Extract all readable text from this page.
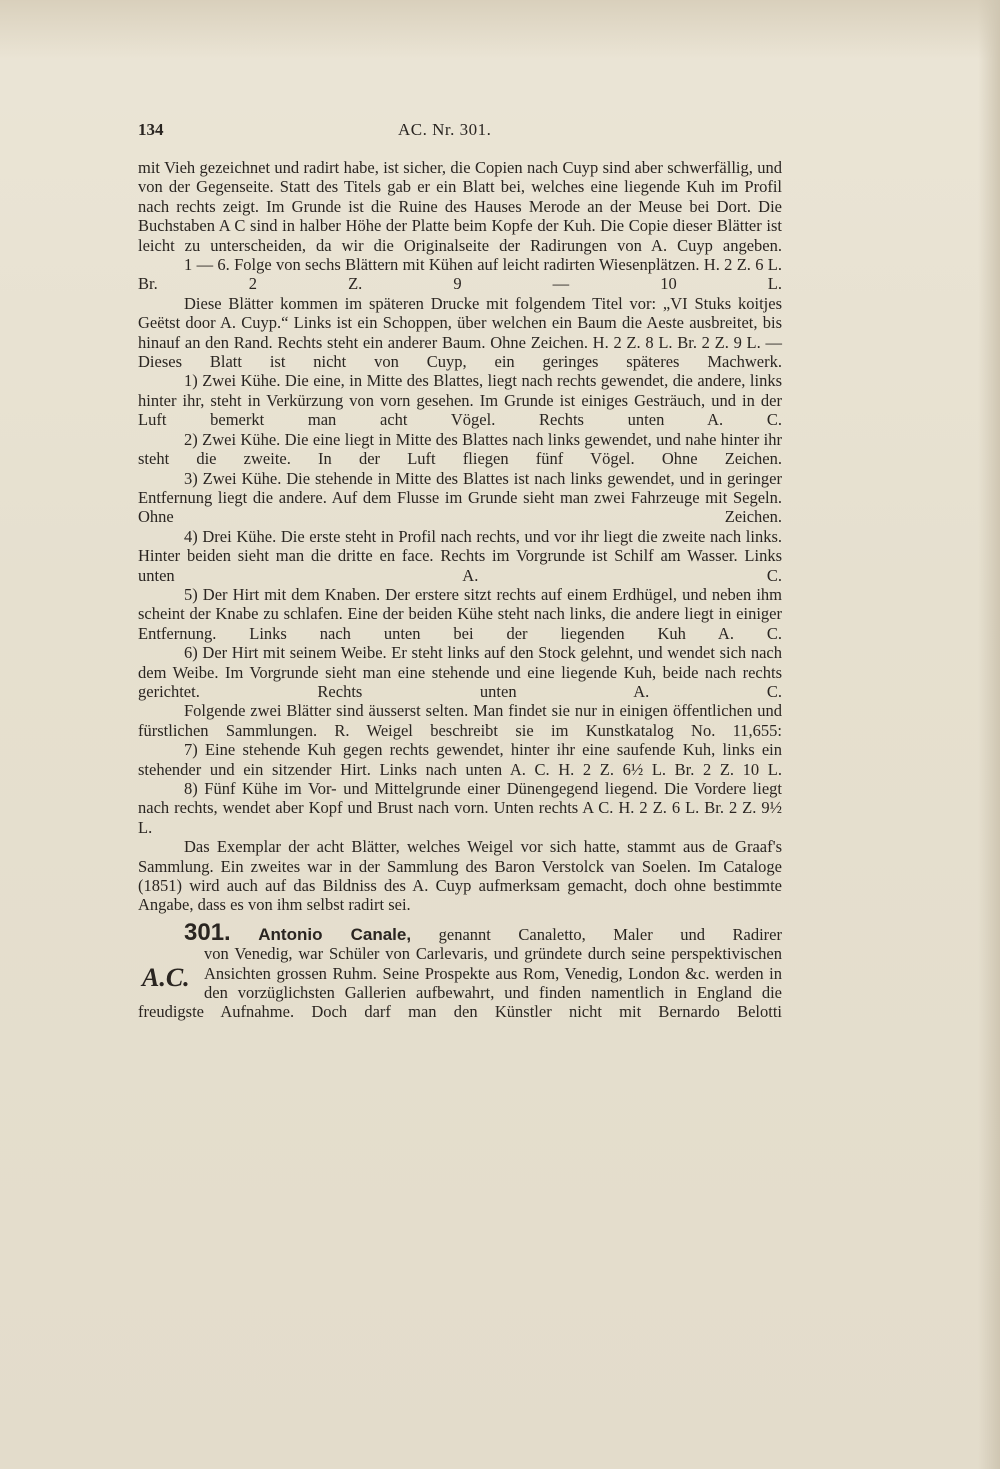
134	AC. Nr. 301.

mit Vieh gezeichnet und radirt habe, ist sicher, die Copien nach Cuyp sind aber schwerfällig, und von der Gegenseite. Statt des Titels gab er ein Blatt bei, welches eine liegende Kuh im Profil nach rechts zeigt. Im Grunde ist die Ruine des Hauses Merode an der Meuse bei Dort. Die Buchstaben A C sind in halber Höhe der Platte beim Kopfe der Kuh. Die Copie dieser Blätter ist leicht zu unterscheiden, da wir die Originalseite der Radirungen von A. Cuyp angeben.

1 — 6. Folge von sechs Blättern mit Kühen auf leicht radirten Wiesenplätzen. H. 2 Z. 6 L. Br. 2 Z. 9 — 10 L.

Diese Blätter kommen im späteren Drucke mit folgendem Titel vor: „VI Stuks koitjes Geëtst door A. Cuyp.“ Links ist ein Schoppen, über welchen ein Baum die Aeste ausbreitet, bis hinauf an den Rand. Rechts steht ein anderer Baum. Ohne Zeichen. H. 2 Z. 8 L. Br. 2 Z. 9 L. — Dieses Blatt ist nicht von Cuyp, ein geringes späteres Machwerk.

1) Zwei Kühe. Die eine, in Mitte des Blattes, liegt nach rechts gewendet, die andere, links hinter ihr, steht in Verkürzung von vorn gesehen. Im Grunde ist einiges Gesträuch, und in der Luft bemerkt man acht Vögel. Rechts unten A. C.

2) Zwei Kühe. Die eine liegt in Mitte des Blattes nach links gewendet, und nahe hinter ihr steht die zweite. In der Luft fliegen fünf Vögel. Ohne Zeichen.

3) Zwei Kühe. Die stehende in Mitte des Blattes ist nach links gewendet, und in geringer Entfernung liegt die andere. Auf dem Flusse im Grunde sieht man zwei Fahrzeuge mit Segeln. Ohne Zeichen.

4) Drei Kühe. Die erste steht in Profil nach rechts, und vor ihr liegt die zweite nach links. Hinter beiden sieht man die dritte en face. Rechts im Vorgrunde ist Schilf am Wasser. Links unten A. C.

5) Der Hirt mit dem Knaben. Der erstere sitzt rechts auf einem Erdhügel, und neben ihm scheint der Knabe zu schlafen. Eine der beiden Kühe steht nach links, die andere liegt in einiger Entfernung. Links nach unten bei der liegenden Kuh A. C.

6) Der Hirt mit seinem Weibe. Er steht links auf den Stock gelehnt, und wendet sich nach dem Weibe. Im Vorgrunde sieht man eine stehende und eine liegende Kuh, beide nach rechts gerichtet. Rechts unten A. C.

Folgende zwei Blätter sind äusserst selten. Man findet sie nur in einigen öffentlichen und fürstlichen Sammlungen. R. Weigel beschreibt sie im Kunstkatalog No. 11,655:

7) Eine stehende Kuh gegen rechts gewendet, hinter ihr eine saufende Kuh, links ein stehender und ein sitzender Hirt. Links nach unten A. C. H. 2 Z. 6½ L. Br. 2 Z. 10 L.

8) Fünf Kühe im Vor- und Mittelgrunde einer Dünengegend liegend. Die Vordere liegt nach rechts, wendet aber Kopf und Brust nach vorn. Unten rechts A C. H. 2 Z. 6 L. Br. 2 Z. 9½ L.

Das Exemplar der acht Blätter, welches Weigel vor sich hatte, stammt aus de Graaf's Sammlung. Ein zweites war in der Sammlung des Baron Verstolck van Soelen. Im Cataloge (1851) wird auch auf das Bildniss des A. Cuyp aufmerksam gemacht, doch ohne bestimmte Angabe, dass es von ihm selbst radirt sei.

301. Antonio Canale, genannt Canaletto, Maler und Radirer

A.C.

von Venedig, war Schüler von Carlevaris, und gründete durch seine perspektivischen Ansichten grossen Ruhm. Seine Prospekte aus Rom, Venedig, London &c. werden in den vorzüglichsten Gallerien aufbewahrt, und finden namentlich in England die freudigste Aufnahme. Doch darf man den Künstler nicht mit Bernardo Belotti
